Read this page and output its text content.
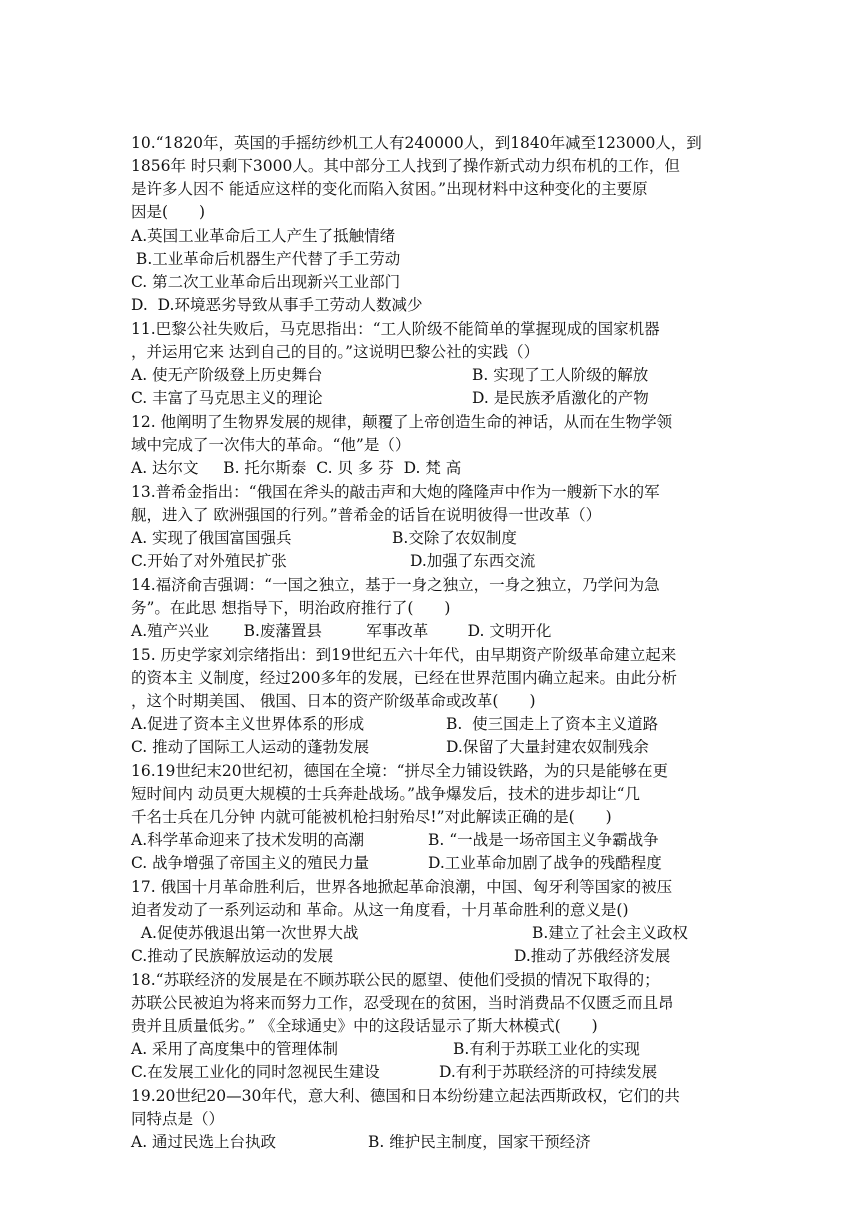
10.“1820年，英国的手摇纺纱机工人有240000人，到1840年减至123000人，到
1856年 时只剩下3000人。其中部分工人找到了操作新式动力织布机的工作，但
是许多人因不 能适应这样的变化而陷入贫困。”出现材料中这种变化的主要原
因是(　　)
A.英国工业革命后工人产生了抵触情绪
B.工业革命后机器生产代替了手工劳动
C. 第二次工业革命后出现新兴工业部门
D.  D.环境恶劣导致从事手工劳动人数减少
11.巴黎公社失败后，马克思指出：“工人阶级不能简单的掌握现成的国家机器
，并运用它来 达到自己的目的。”这说明巴黎公社的实践（）
A. 使无产阶级登上历史舞台	B. 实现了工人阶级的解放
C. 丰富了马克思主义的理论	D. 是民族矛盾激化的产物
12. 他阐明了生物界发展的规律，颠覆了上帝创造生命的神话，从而在生物学领
域中完成了一次伟大的革命。“他”是（）
A. 达尔文     B. 托尔斯泰  C. 贝 多 芬  D. 梵 高
13.普希金指出：“俄国在斧头的敲击声和大炮的隆隆声中作为一艘新下水的军
舰，进入了 欧洲强国的行列。”普希金的话旨在说明彼得一世改革（）
A. 实现了俄国富国强兵	B.交除了农奴制度
C.开始了对外殖民扩张	D.加强了东西交流
14.福济俞吉强调：“一国之独立，基于一身之独立，一身之独立，乃学问为急
务”。在此思 想指导下，明治政府推行了(　　)
A.殖产兴业       B.废藩置县         军事改革        D. 文明开化
15. 历史学家刘宗绪指出：到19世纪五六十年代，由早期资产阶级革命建立起来
的资本主 义制度，经过200多年的发展，已经在世界范围内确立起来。由此分析
，这个时期美国、 俄国、日本的资产阶级革命或改革(　　)
A.促进了资本主义世界体系的形成	B.  使三国走上了资本主义道路
C. 推动了国际工人运动的蓬勃发展	D.保留了大量封建农奴制残余
16.19世纪末20世纪初，德国在全境：“拼尽全力铺设铁路，为的只是能够在更
短时间内 动员更大规模的士兵奔赴战场。”战争爆发后，技术的进步却让“几
千名士兵在几分钟 内就可能被机枪扫射殆尽!”对此解读正确的是(　　)
A.科学革命迎来了技术发明的高潮	B. “一战是一场帝国主义争霸战争
C. 战争增强了帝国主义的殖民力量	D.工业革命加剧了战争的残酷程度
17. 俄国十月革命胜利后，世界各地掀起革命浪潮，中国、匈牙利等国家的被压
迫者发动了一系列运动和 革命。从这一角度看，十月革命胜利的意义是()
A.促使苏俄退出第一次世界大战	B.建立了社会主义政权
C.推动了民族解放运动的发展	D.推动了苏俄经济发展
18.“苏联经济的发展是在不顾苏联公民的愿望、使他们受损的情况下取得的；
苏联公民被迫为将来而努力工作，忍受现在的贫困，当时消费品不仅匮乏而且昂
贵并且质量低劣。” 《全球通史》中的这段话显示了斯大林模式(　　)
A. 采用了高度集中的管理体制	B.有利于苏联工业化的实现
C.在发展工业化的同时忽视民生建设	D.有利于苏联经济的可持续发展
19.20世纪20—30年代，意大利、德国和日本纷纷建立起法西斯政权，它们的共
同特点是（）
A. 通过民选上台执政	B. 维护民主制度，国家干预经济
